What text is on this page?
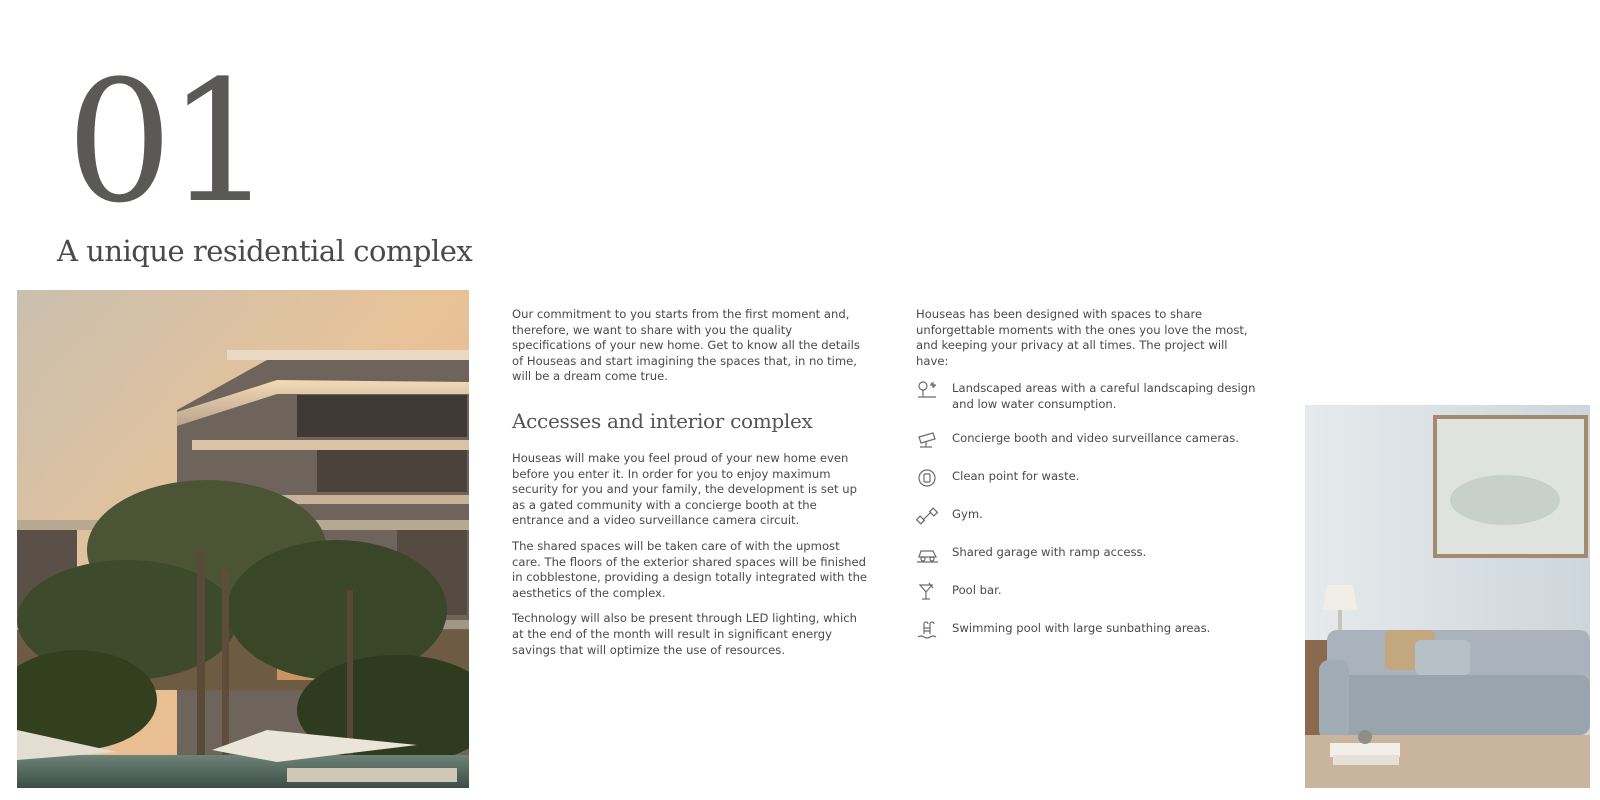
01
A unique residential complex

Our commitment to you starts from the first moment and, therefore, we want to share with you the quality specifications of your new home. Get to know all the details of Houseas and start imagining the spaces that, in no time, will be a dream come true.

Accesses and interior complex

Houseas will make you feel proud of your new home even before you enter it. In order for you to enjoy maximum security for you and your family, the development is set up as a gated community with a concierge booth at the entrance and a video surveillance camera circuit.

The shared spaces will be taken care of with the upmost care. The floors of the exterior shared spaces will be finished in cobblestone, providing a design totally integrated with the aesthetics of the complex.

Technology will also be present through LED lighting, which at the end of the month will result in significant energy savings that will optimize the use of resources.

Houseas has been designed with spaces to share unforgettable moments with the ones you love the most, and keeping your privacy at all times. The project will have:

Landscaped areas with a careful landscaping design and low water consumption.
Concierge booth and video surveillance cameras.
Clean point for waste.
Gym.
Shared garage with ramp access.
Pool bar.
Swimming pool with large sunbathing areas.
